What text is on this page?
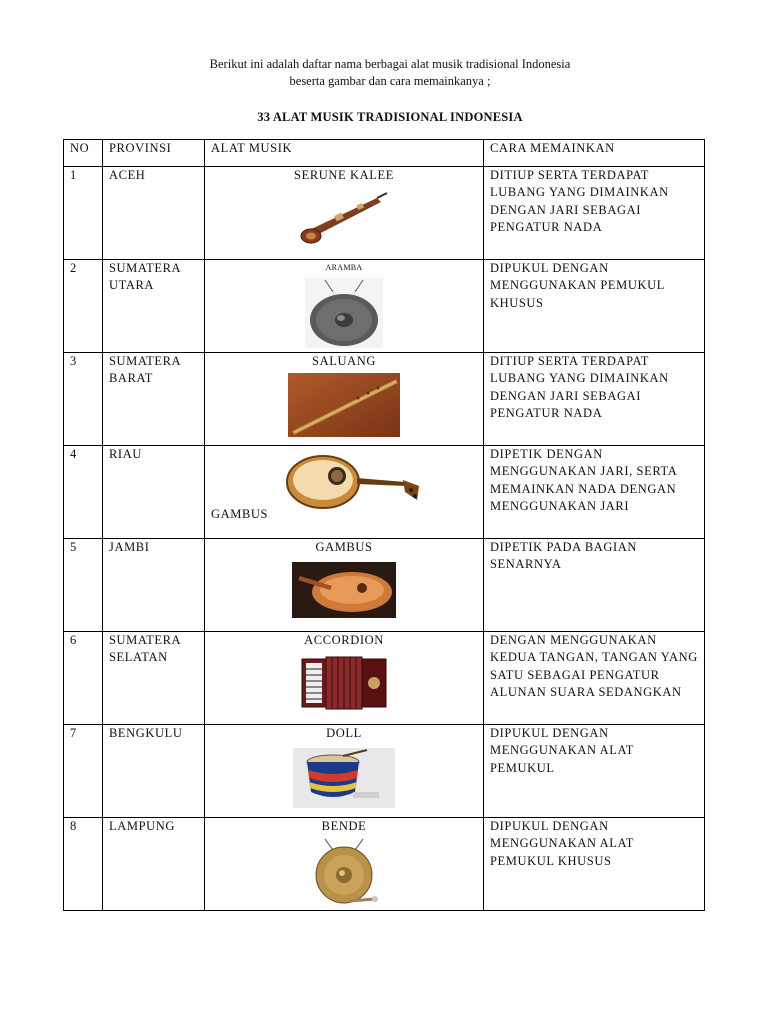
Berikut ini adalah daftar nama berbagai alat musik tradisional Indonesia
beserta gambar dan cara memainkanya ;
33 ALAT MUSIK TRADISIONAL INDONESIA
NO	PROVINSI	ALAT MUSIK	CARA MEMAINKAN
1	ACEH	SERUNE KALEE	DITIUP SERTA TERDAPAT LUBANG YANG DIMAINKAN DENGAN JARI SEBAGAI PENGATUR NADA
2	SUMATERA UTARA	ARAMBA	DIPUKUL DENGAN MENGGUNAKAN PEMUKUL KHUSUS
3	SUMATERA BARAT	SALUANG	DITIUP SERTA TERDAPAT LUBANG YANG DIMAINKAN DENGAN JARI SEBAGAI PENGATUR NADA
4	RIAU	GAMBUS	DIPETIK DENGAN MENGGUNAKAN JARI, SERTA MEMAINKAN NADA DENGAN MENGGUNAKAN JARI
5	JAMBI	GAMBUS	DIPETIK PADA BAGIAN SENARNYA
6	SUMATERA SELATAN	ACCORDION	DENGAN MENGGUNAKAN KEDUA TANGAN, TANGAN YANG SATU SEBAGAI PENGATUR ALUNAN SUARA SEDANGKAN

7	BENGKULU	DOLL	DIPUKUL DENGAN MENGGUNAKAN ALAT PEMUKUL
8	LAMPUNG	BENDE	DIPUKUL DENGAN MENGGUNAKAN ALAT PEMUKUL KHUSUS
